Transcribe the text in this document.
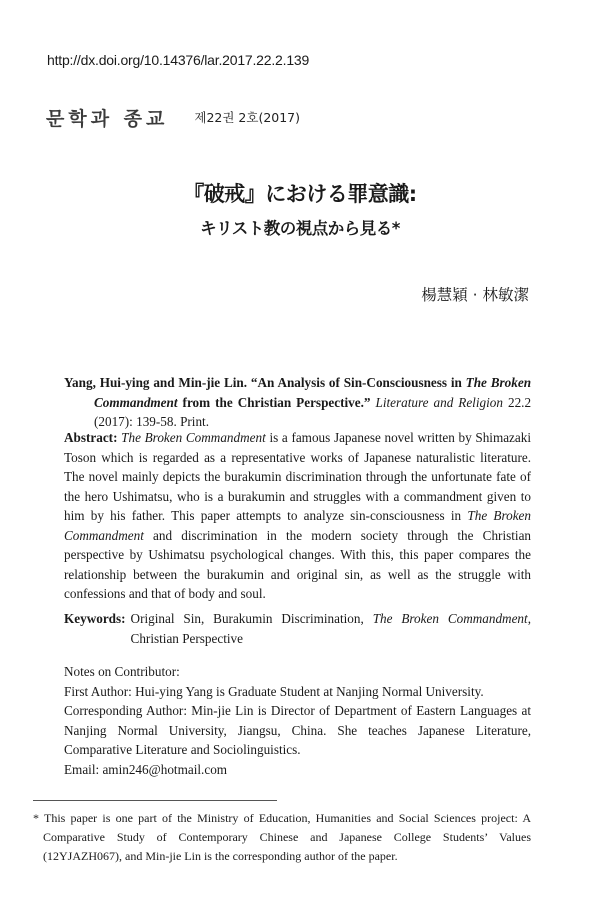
http://dx.doi.org/10.14376/lar.2017.22.2.139
문학과 종교 제22권 2호(2017)
『破戒』における罪意識:
キリスト教の視点から見る*
楊慧穎 · 林敏潔
Yang, Hui-ying and Min-jie Lin. “An Analysis of Sin-Consciousness in The Broken Commandment from the Christian Perspective.” Literature and Religion 22.2 (2017): 139-58. Print.
Abstract: The Broken Commandment is a famous Japanese novel written by Shimazaki Toson which is regarded as a representative works of Japanese naturalistic literature. The novel mainly depicts the burakumin discrimination through the unfortunate fate of the hero Ushimatsu, who is a burakumin and struggles with a commandment given to him by his father. This paper attempts to analyze sin-consciousness in The Broken Commandment and discrimination in the modern society through the Christian perspective by Ushimatsu psychological changes. With this, this paper compares the relationship between the burakumin and original sin, as well as the struggle with confessions and that of body and soul.
Keywords: Original Sin, Burakumin Discrimination, The Broken Commandment, Christian Perspective
Notes on Contributor:
First Author: Hui-ying Yang is Graduate Student at Nanjing Normal University.
Corresponding Author: Min-jie Lin is Director of Department of Eastern Languages at Nanjing Normal University, Jiangsu, China. She teaches Japanese Literature, Comparative Literature and Sociolinguistics.
Email: amin246@hotmail.com
* This paper is one part of the Ministry of Education, Humanities and Social Sciences project: A Comparative Study of Contemporary Chinese and Japanese College Students’ Values (12YJAZH067), and Min-jie Lin is the corresponding author of the paper.
